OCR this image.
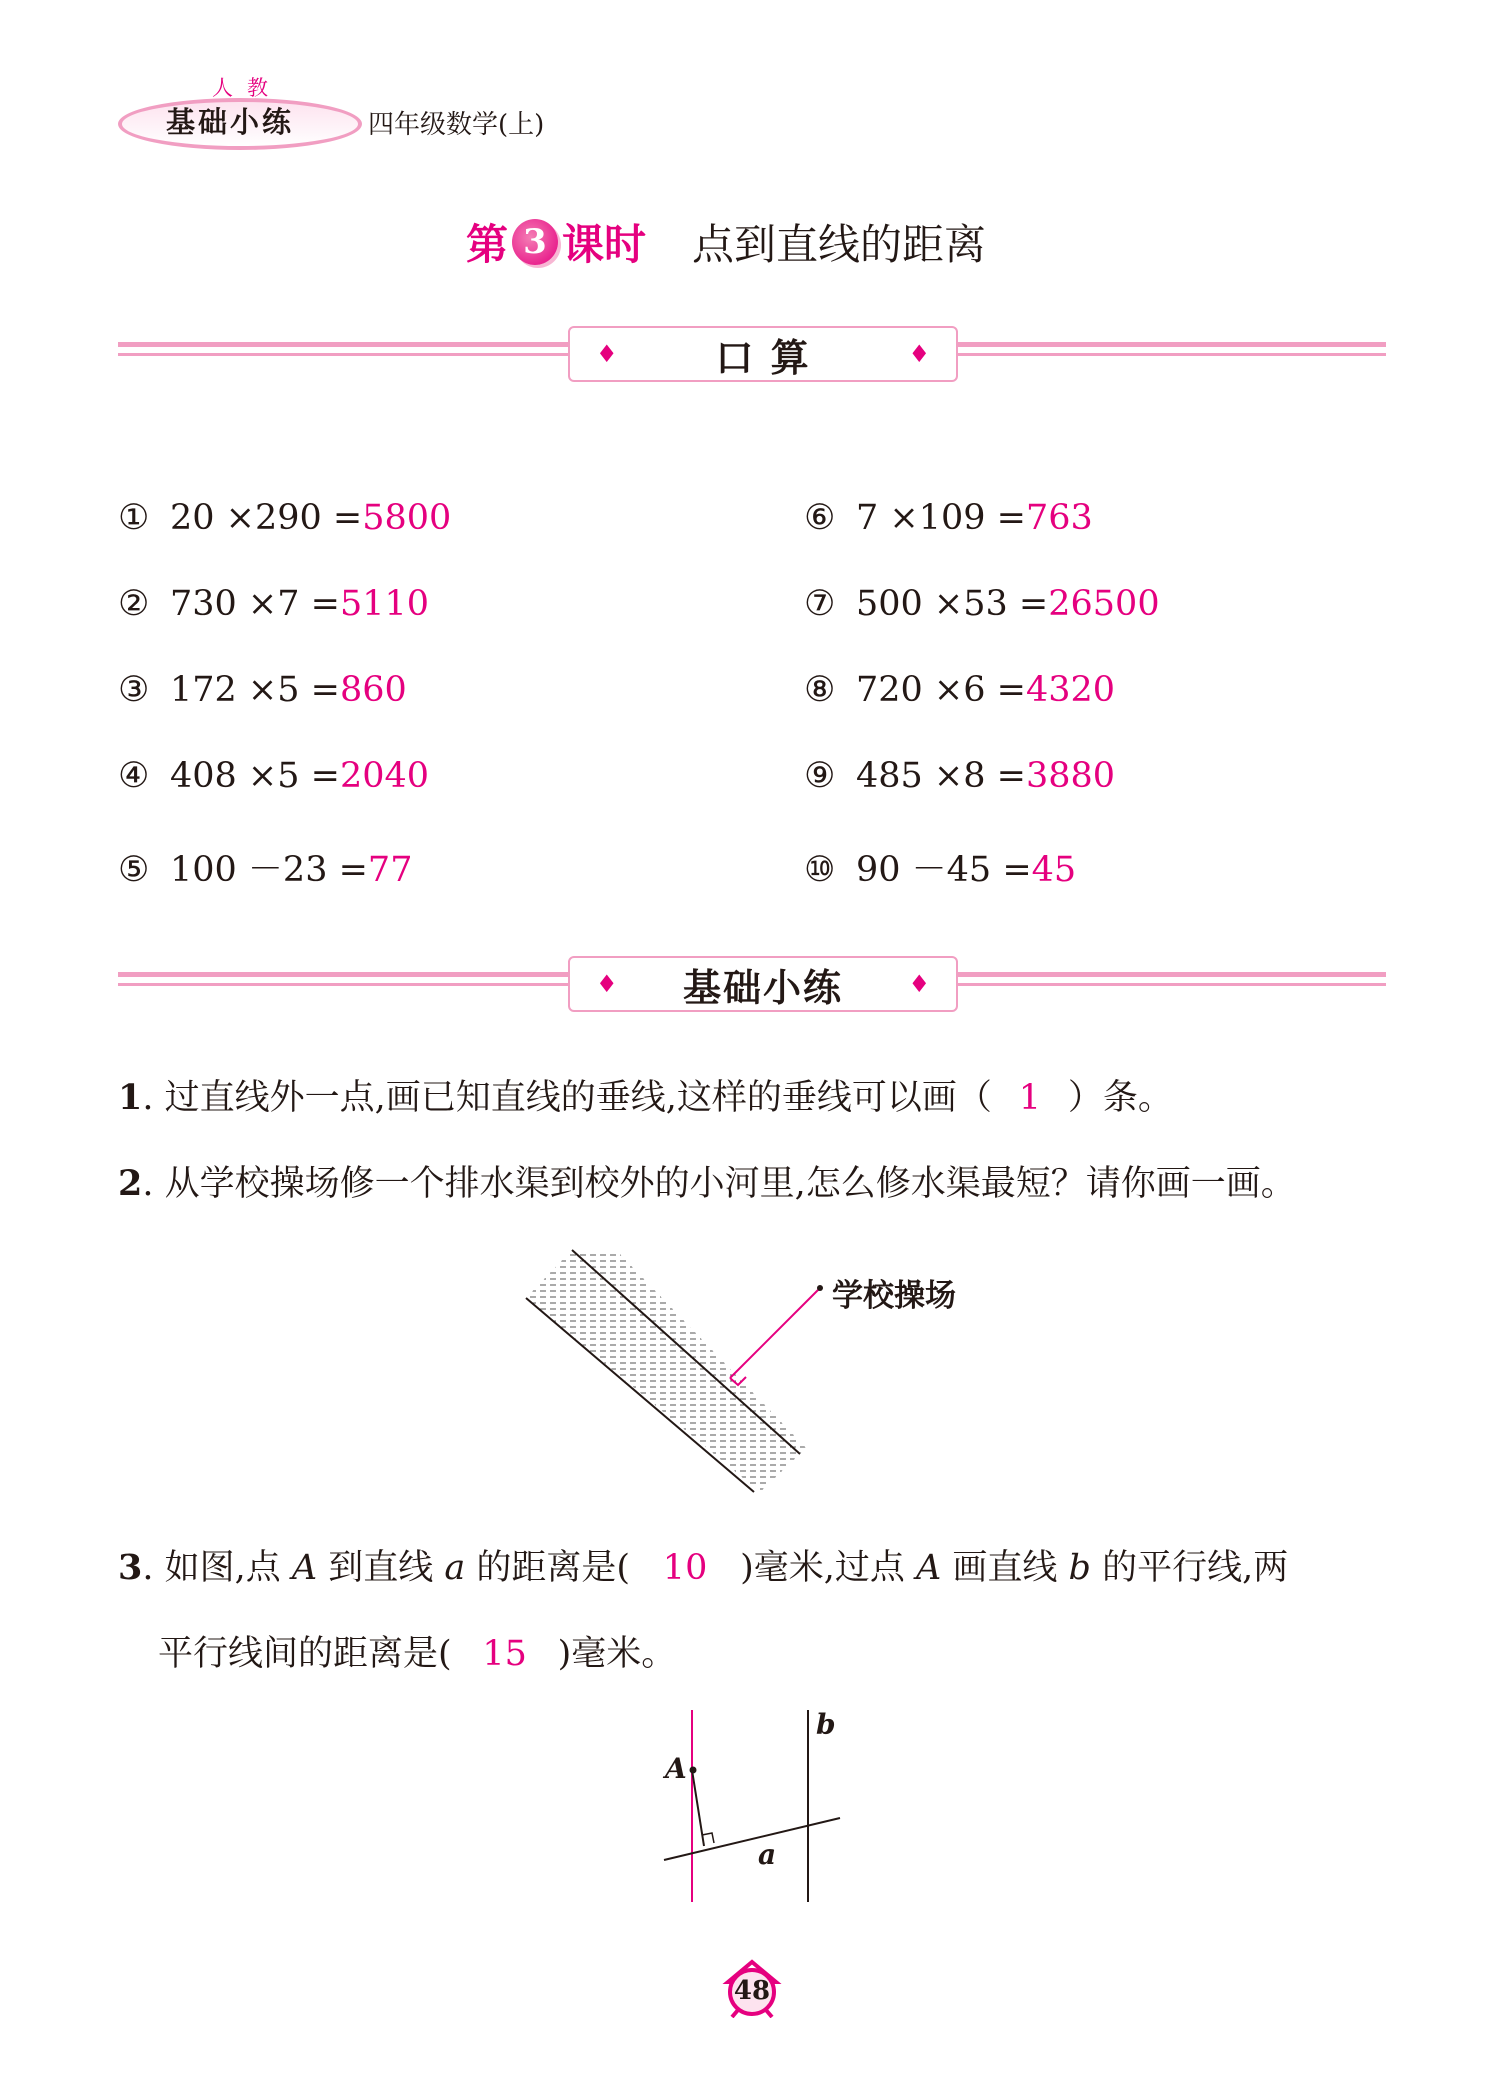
人教
基础小练	四年级数学(上)
第 3 课时 点到直线的距离
♦	口 算	♦
① 20 ×290 =5800
② 730 ×7 =5110
③ 172 ×5 =860
④ 408 ×5 =2040
⑤ 100 －23 =77
⑥ 7 ×109 =763
⑦ 500 ×53 =26500
⑧ 720 ×6 =4320
⑨ 485 ×8 =3880
⑩ 90 －45 =45
♦ 基础小练	♦
1. 过直线外一点,画已知直线的垂线,这样的垂线可以画（ 1 ）条。
2. 从学校操场修一个排水渠到校外的小河里,怎么修水渠最短？请你画一画。
学校操场
3. 如图,点 A 到直线 a 的距离是( 10 )毫米,过点 A 画直线 b 的平行线,两
平行线间的距离是( 15 )毫米。
A
b
a
48
